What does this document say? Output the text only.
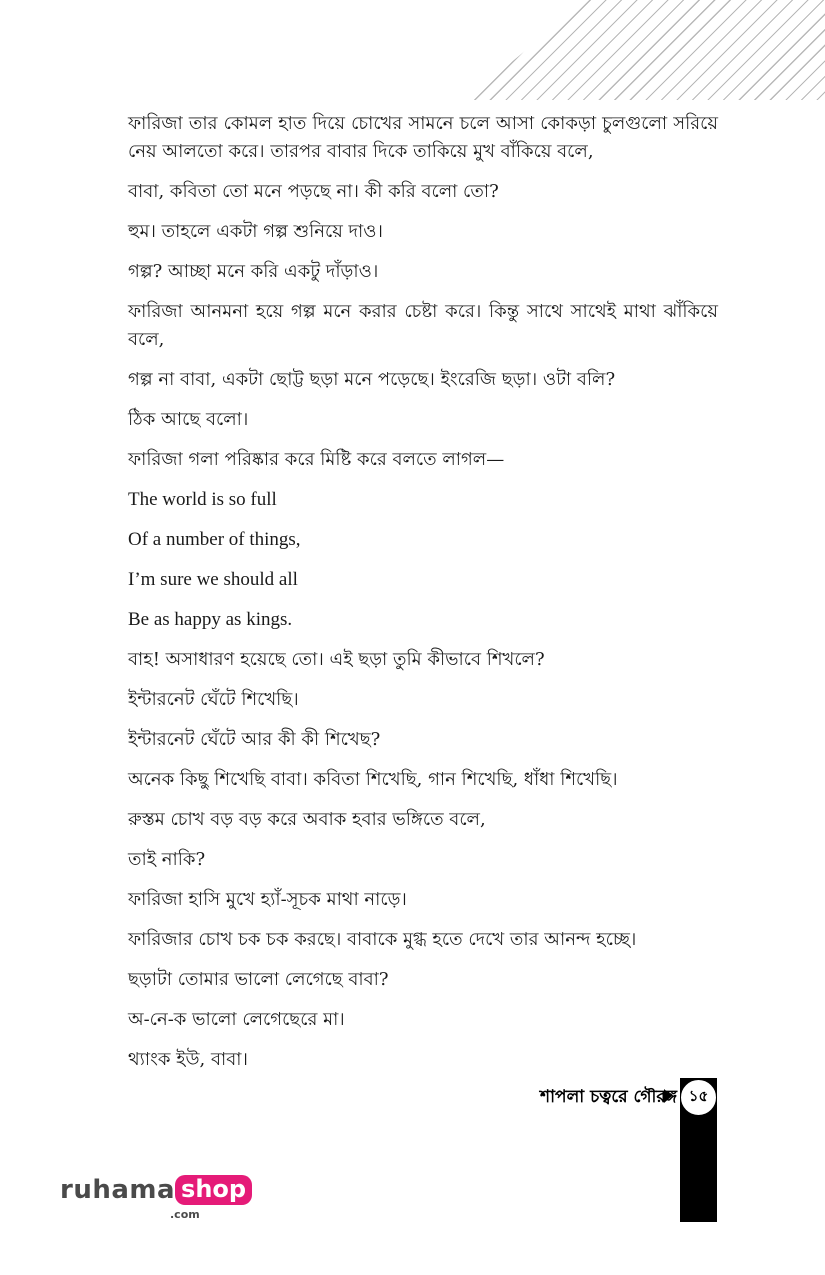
ফারিজা তার কোমল হাত দিয়ে চোখের সামনে চলে আসা কোকড়া চুলগুলো সরিয়ে নেয় আলতো করে। তারপর বাবার দিকে তাকিয়ে মুখ বাঁকিয়ে বলে,

বাবা, কবিতা তো মনে পড়ছে না। কী করি বলো তো?

হুম। তাহলে একটা গল্প শুনিয়ে দাও।

গল্প? আচ্ছা মনে করি একটু দাঁড়াও।

ফারিজা আনমনা হয়ে গল্প মনে করার চেষ্টা করে। কিন্তু সাথে সাথেই মাথা ঝাঁকিয়ে বলে,

গল্প না বাবা, একটা ছোট্ট ছড়া মনে পড়েছে। ইংরেজি ছড়া। ওটা বলি?

ঠিক আছে বলো।

ফারিজা গলা পরিষ্কার করে মিষ্টি করে বলতে লাগল—

The world is so full

Of a number of things,

I’m sure we should all

Be as happy as kings.

বাহ! অসাধারণ হয়েছে তো। এই ছড়া তুমি কীভাবে শিখলে?

ইন্টারনেট ঘেঁটে শিখেছি।

ইন্টারনেট ঘেঁটে আর কী কী শিখেছ?

অনেক কিছু শিখেছি বাবা। কবিতা শিখেছি, গান শিখেছি, ধাঁধা শিখেছি।

রুস্তম চোখ বড় বড় করে অবাক হবার ভঙ্গিতে বলে,

তাই নাকি?

ফারিজা হাসি মুখে হ্যাঁ-সূচক মাথা নাড়ে।

ফারিজার চোখ চক চক করছে। বাবাকে মুগ্ধ হতে দেখে তার আনন্দ হচ্ছে।

ছড়াটা তোমার ভালো লেগেছে বাবা?

অ-নে-ক ভালো লেগেছেরে মা।

থ্যাংক ইউ, বাবা।

শাপলা চত্বরে গৌরঙ্গ ১৫
ruhama shop
.com
